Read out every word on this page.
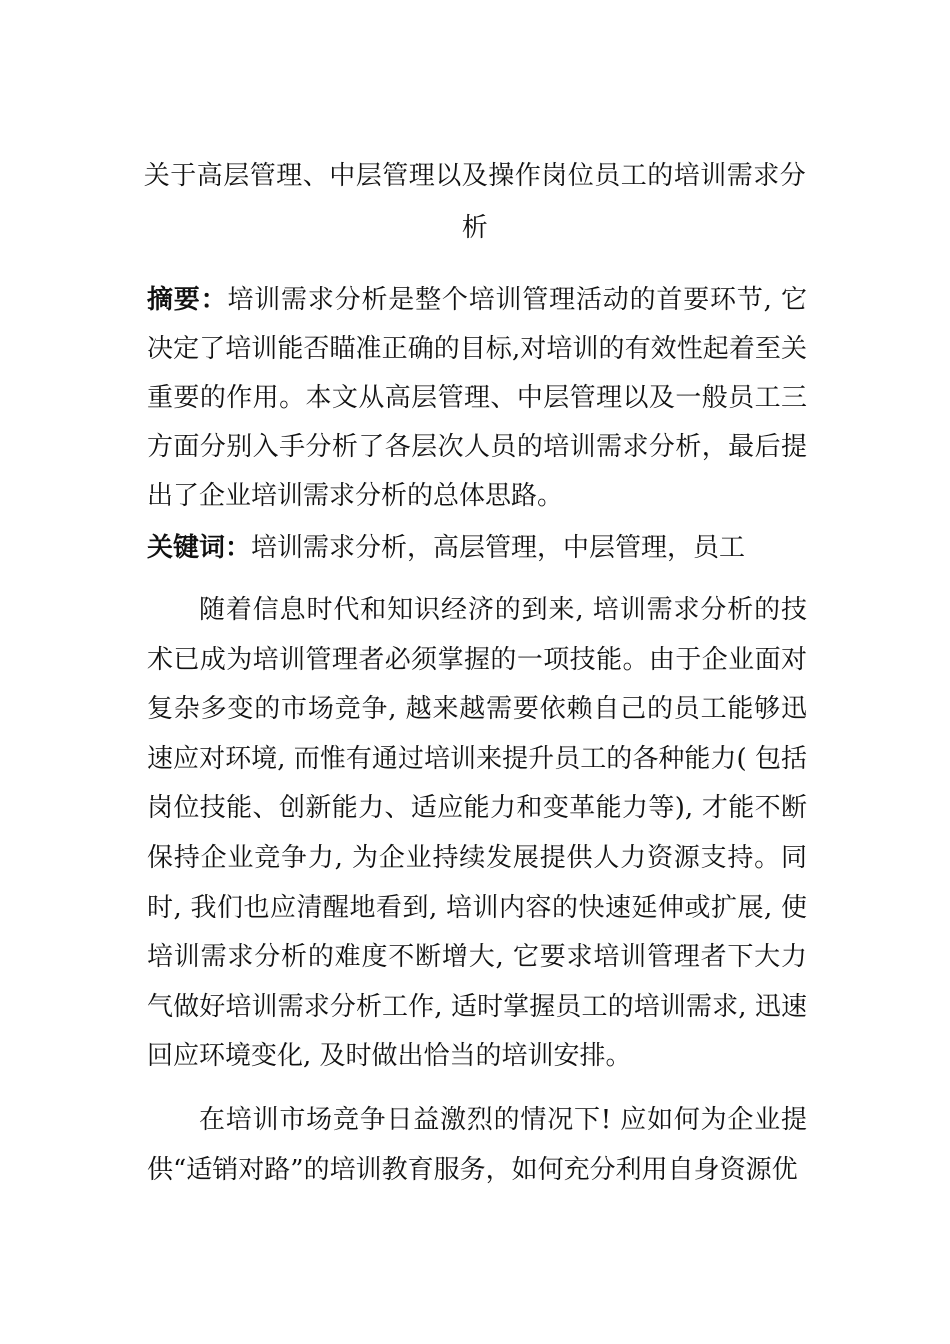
关于高层管理、中层管理以及操作岗位员工的培训需求分析
摘要：培训需求分析是整个培训管理活动的首要环节, 它决定了培训能否瞄准正确的目标,对培训的有效性起着至关重要的作用。本文从高层管理、中层管理以及一般员工三方面分别入手分析了各层次人员的培训需求分析，最后提出了企业培训需求分析的总体思路。
关键词：培训需求分析，高层管理，中层管理，员工
随着信息时代和知识经济的到来, 培训需求分析的技术已成为培训管理者必须掌握的一项技能。由于企业面对复杂多变的市场竞争, 越来越需要依赖自己的员工能够迅速应对环境, 而惟有通过培训来提升员工的各种能力( 包括岗位技能、创新能力、适应能力和变革能力等), 才能不断保持企业竞争力, 为企业持续发展提供人力资源支持。同时, 我们也应清醒地看到, 培训内容的快速延伸或扩展, 使培训需求分析的难度不断增大, 它要求培训管理者下大力气做好培训需求分析工作, 适时掌握员工的培训需求, 迅速回应环境变化, 及时做出恰当的培训安排。
在培训市场竞争日益激烈的情况下! 应如何为企业提供“适销对路”的培训教育服务，如何充分利用自身资源优
